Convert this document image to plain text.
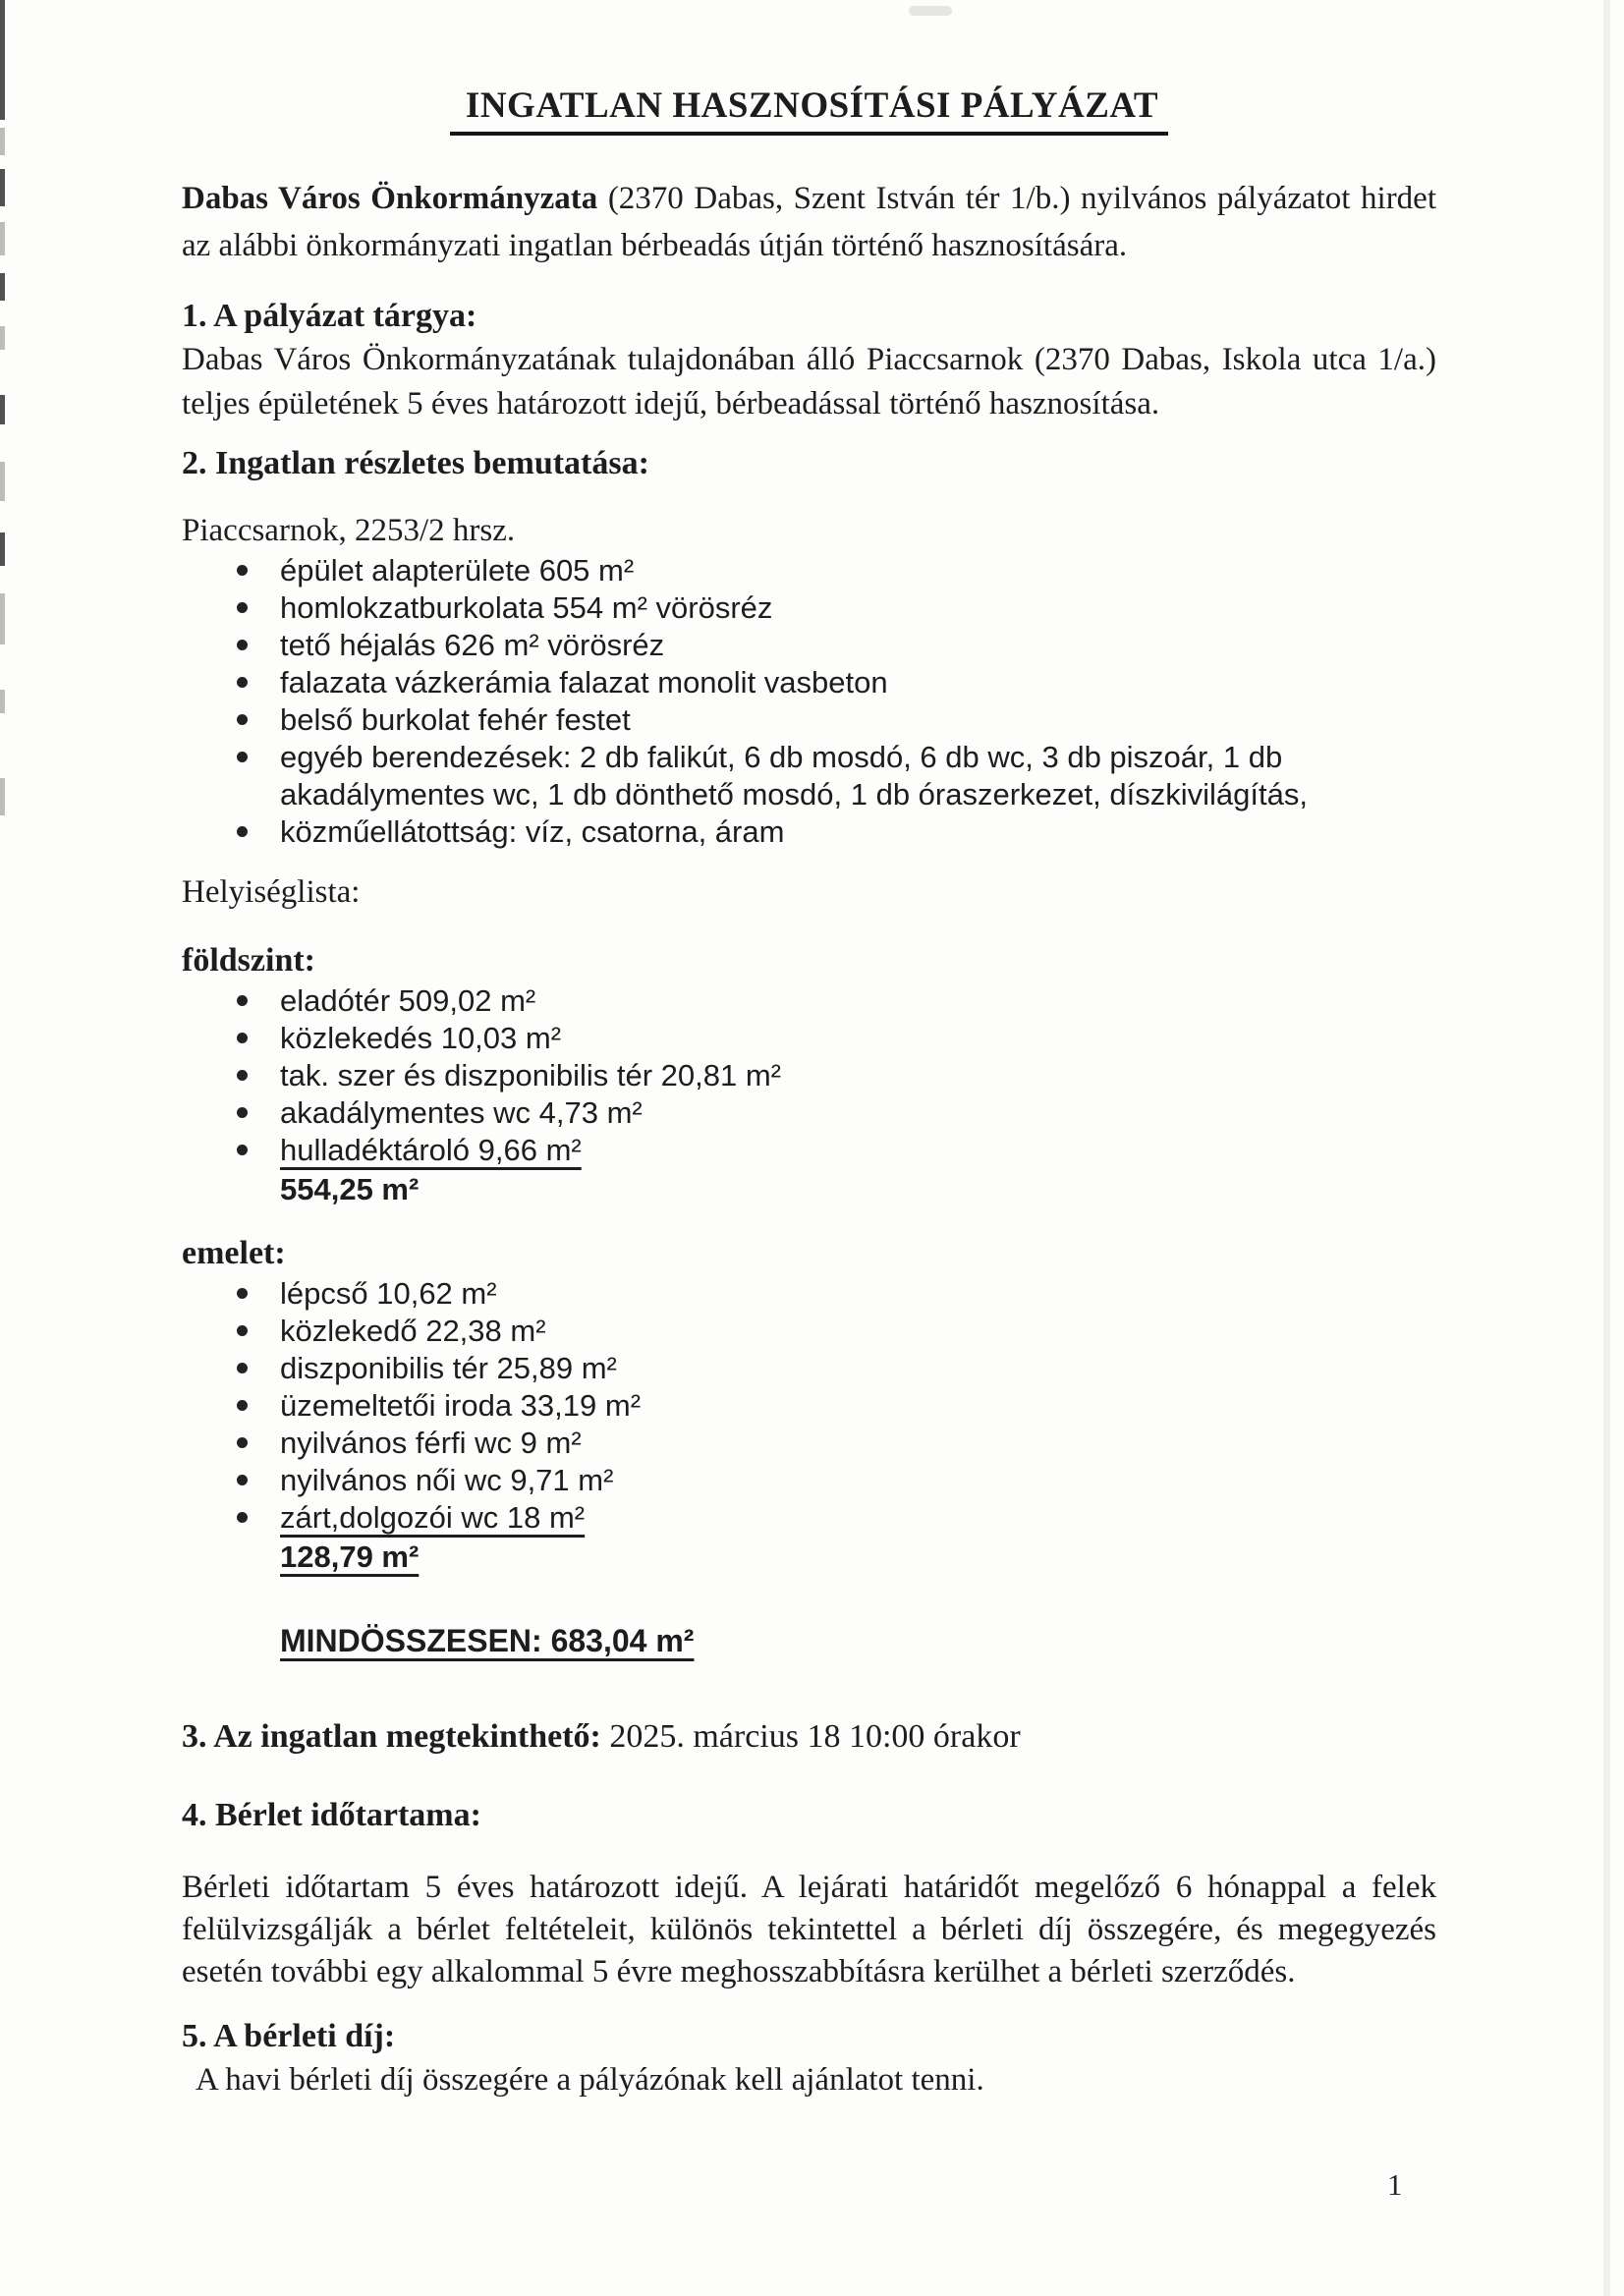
INGATLAN HASZNOSÍTÁSI PÁLYÁZAT

Dabas Város Önkormányzata (2370 Dabas, Szent István tér 1/b.) nyilvános pályázatot hirdet az alábbi önkormányzati ingatlan bérbeadás útján történő hasznosítására.

1. A pályázat tárgya:

Dabas Város Önkormányzatának tulajdonában álló Piaccsarnok (2370 Dabas, Iskola utca 1/a.) teljes épületének 5 éves határozott idejű, bérbeadással történő hasznosítása.

2. Ingatlan részletes bemutatása:

Piaccsarnok, 2253/2 hrsz.

épület alapterülete 605 m²
homlokzatburkolata 554 m² vörösréz
tető héjalás 626 m² vörösréz
falazata vázkerámia falazat monolit vasbeton
belső burkolat fehér festet
egyéb berendezések: 2 db falikút, 6 db mosdó, 6 db wc, 3 db piszoár, 1 db akadálymentes wc, 1 db dönthető mosdó, 1 db óraszerkezet, díszkivilágítás,
közműellátottság: víz, csatorna, áram

Helyiséglista:

földszint:
eladótér 509,02 m²
közlekedés 10,03 m²
tak. szer és diszponibilis tér 20,81 m²
akadálymentes wc 4,73 m²
hulladéktároló 9,66 m²
554,25 m²
emelet:
lépcső 10,62 m²
közlekedő 22,38 m²
diszponibilis tér 25,89 m²
üzemeltetői iroda 33,19 m²
nyilvános férfi wc 9 m²
nyilvános női wc 9,71 m²
zárt,dolgozói wc 18 m²
128,79 m²
MINDÖSSZESEN: 683,04 m²
3. Az ingatlan megtekinthető: 2025. március 18 10:00 órakor
4. Bérlet időtartama:

Bérleti időtartam 5 éves határozott idejű. A lejárati határidőt megelőző 6 hónappal a felek felülvizsgálják a bérlet feltételeit, különös tekintettel a bérleti díj összegére, és megegyezés esetén további egy alkalommal 5 évre meghosszabbításra kerülhet a bérleti szerződés.

5. A bérleti díj:

A havi bérleti díj összegére a pályázónak kell ajánlatot tenni.

1
